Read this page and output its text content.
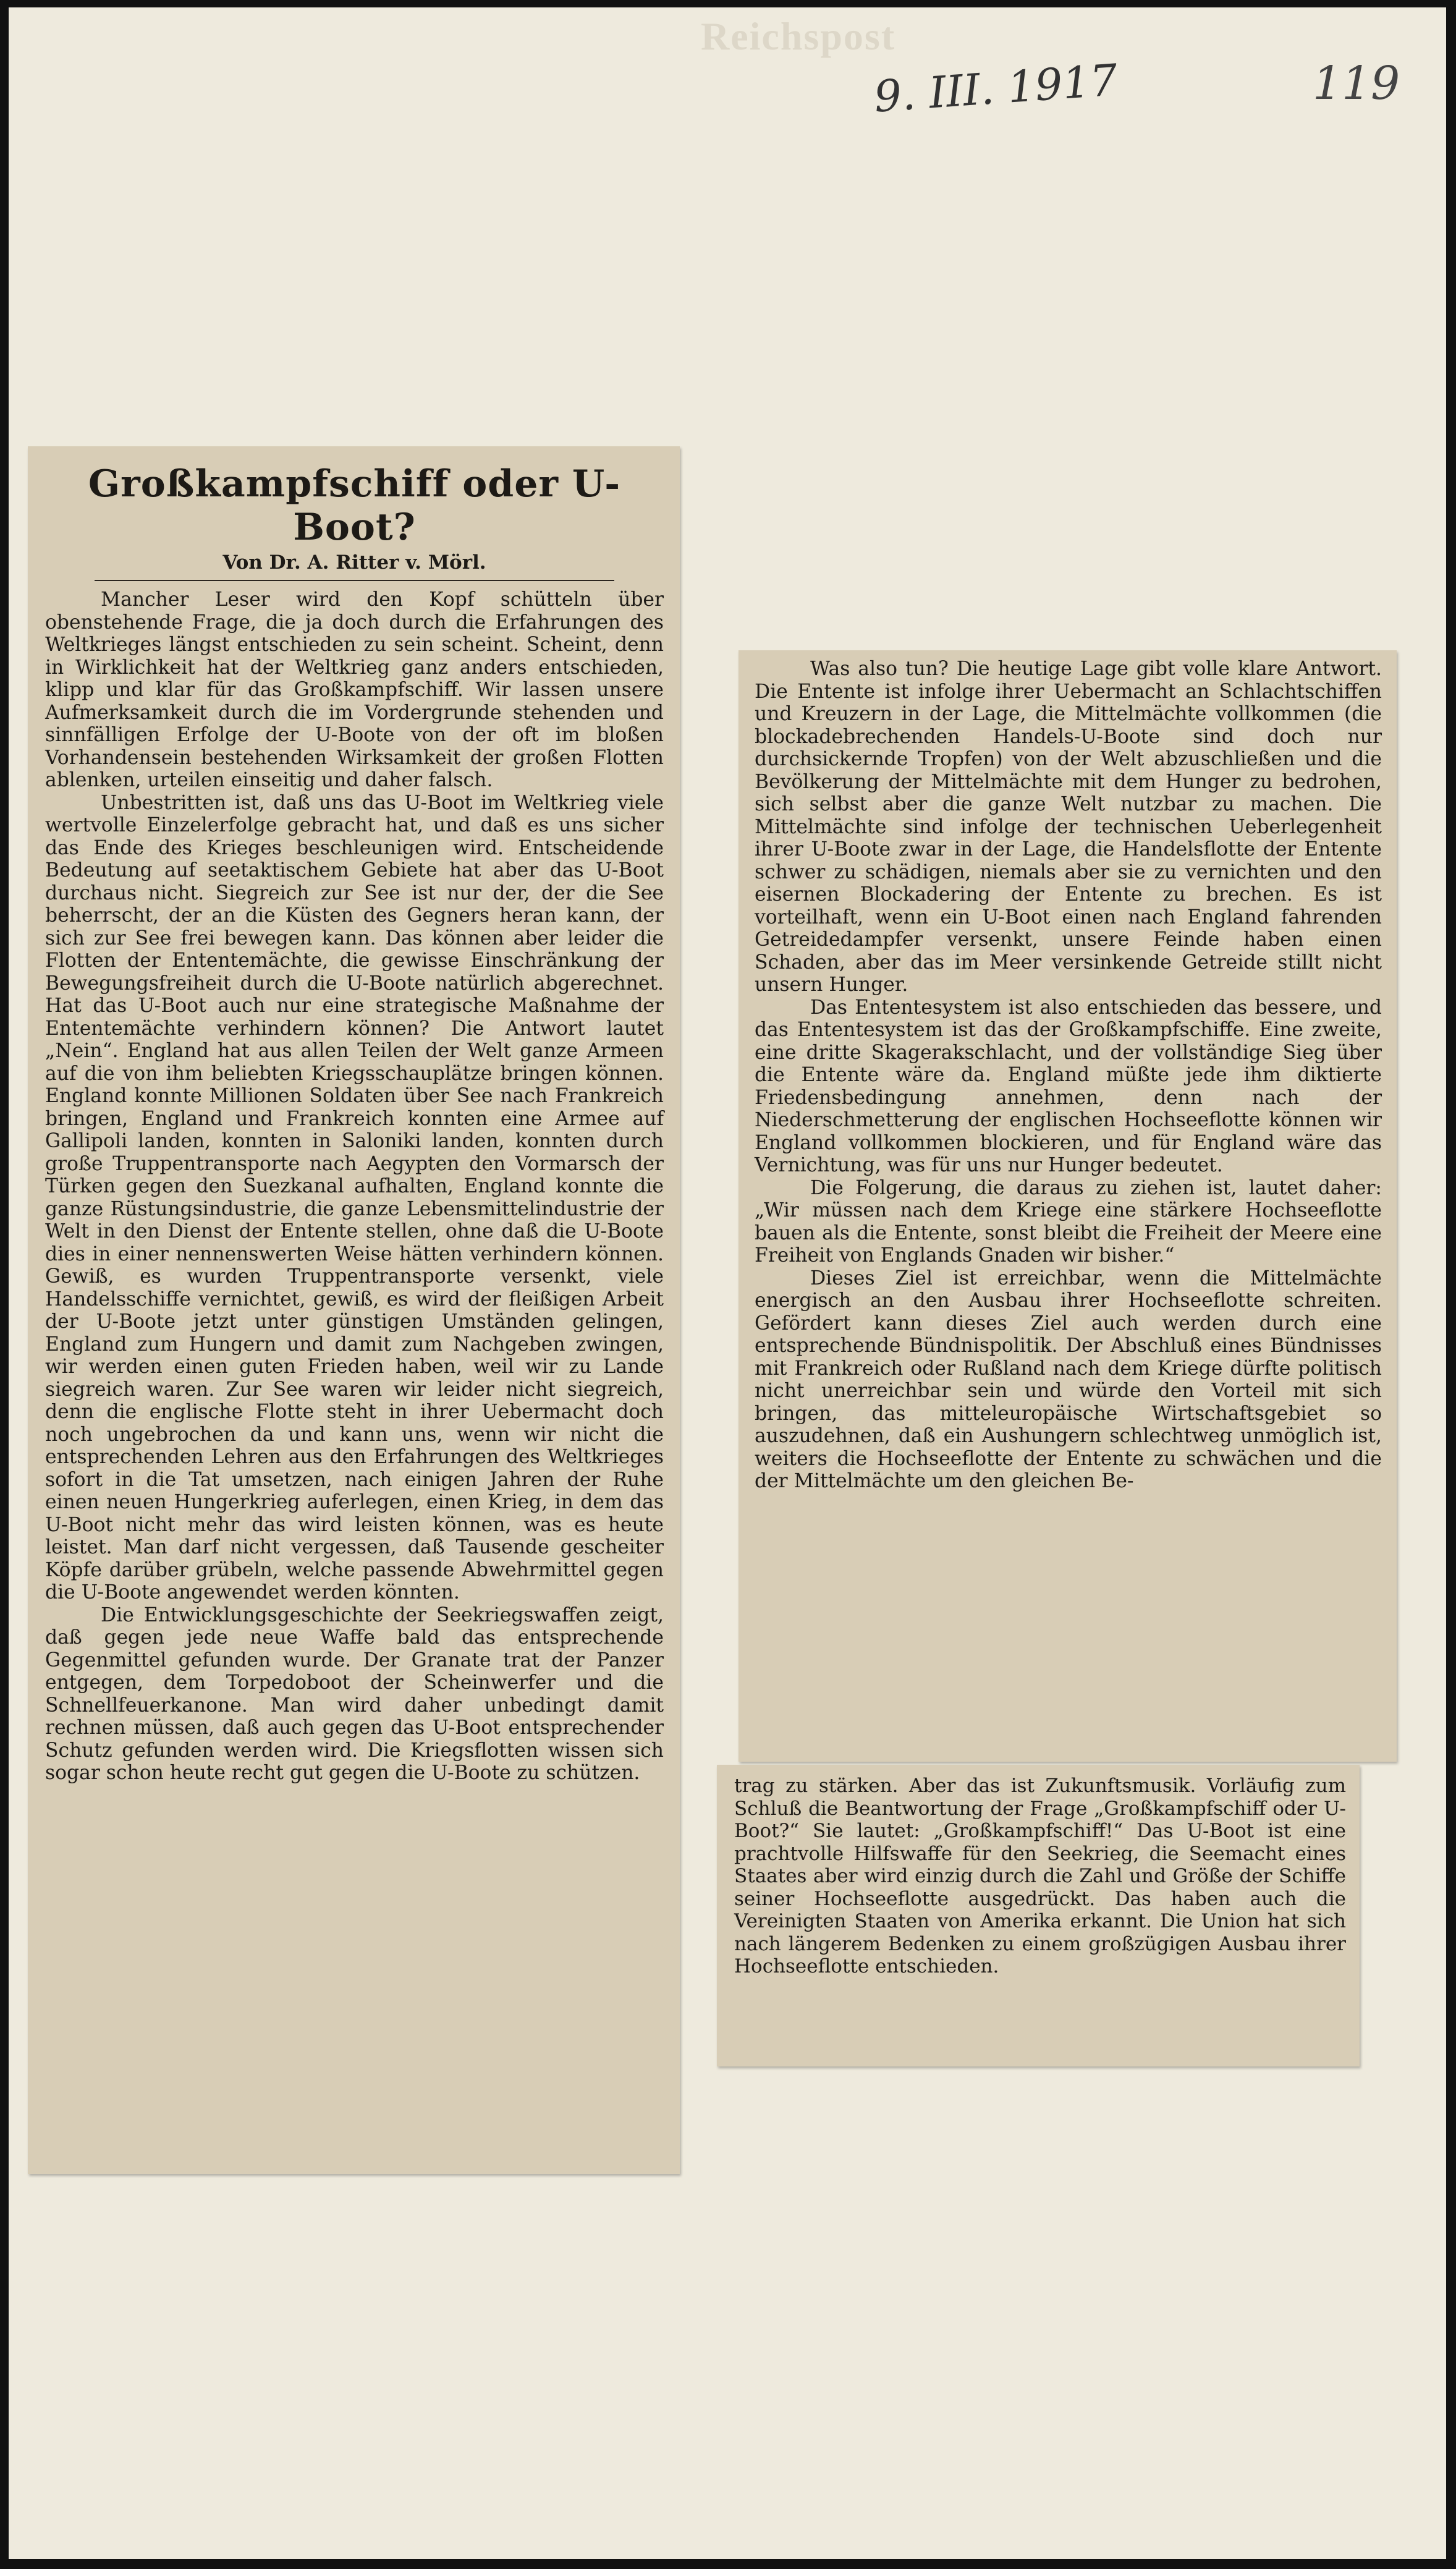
Reichspost
9. III. 1917	119
Großkampfschiff oder U-Boot?
Von Dr. A. Ritter v. Mörl.

Mancher Leser wird den Kopf schütteln über obenstehende Frage, die ja doch durch die Erfahrungen des Weltkrieges längst entschieden zu sein scheint. Scheint, denn in Wirklichkeit hat der Weltkrieg ganz anders entschieden, klipp und klar für das Großkampfschiff. Wir lassen unsere Aufmerksamkeit durch die im Vordergrunde stehenden und sinnfälligen Erfolge der U-Boote von der oft im bloßen Vorhandensein bestehenden Wirksamkeit der großen Flotten ablenken, urteilen einseitig und daher falsch.

Unbestritten ist, daß uns das U-Boot im Weltkrieg viele wertvolle Einzelerfolge gebracht hat, und daß es uns sicher das Ende des Krieges beschleunigen wird. Entscheidende Bedeutung auf seetaktischem Gebiete hat aber das U-Boot durchaus nicht. Siegreich zur See ist nur der, der die See beherrscht, der an die Küsten des Gegners heran kann, der sich zur See frei bewegen kann. Das können aber leider die Flotten der Ententemächte, die gewisse Einschränkung der Bewegungsfreiheit durch die U-Boote natürlich abgerechnet. Hat das U-Boot auch nur eine strategische Maßnahme der Ententemächte verhindern können? Die Antwort lautet „Nein“. England hat aus allen Teilen der Welt ganze Armeen auf die von ihm beliebten Kriegsschauplätze bringen können. England konnte Millionen Soldaten über See nach Frankreich bringen, England und Frankreich konnten eine Armee auf Gallipoli landen, konnten in Saloniki landen, konnten durch große Truppentransporte nach Aegypten den Vormarsch der Türken gegen den Suezkanal aufhalten, England konnte die ganze Rüstungsindustrie, die ganze Lebensmittelindustrie der Welt in den Dienst der Entente stellen, ohne daß die U-Boote dies in einer nennenswerten Weise hätten verhindern können. Gewiß, es wurden Truppentransporte versenkt, viele Handelsschiffe vernichtet, gewiß, es wird der fleißigen Arbeit der U-Boote jetzt unter günstigen Umständen gelingen, England zum Hungern und damit zum Nachgeben zwingen, wir werden einen guten Frieden haben, weil wir zu Lande siegreich waren. Zur See waren wir leider nicht siegreich, denn die englische Flotte steht in ihrer Uebermacht doch noch ungebrochen da und kann uns, wenn wir nicht die entsprechenden Lehren aus den Erfahrungen des Weltkrieges sofort in die Tat umsetzen, nach einigen Jahren der Ruhe einen neuen Hungerkrieg auferlegen, einen Krieg, in dem das U-Boot nicht mehr das wird leisten können, was es heute leistet. Man darf nicht vergessen, daß Tausende gescheiter Köpfe darüber grübeln, welche passende Abwehrmittel gegen die U-Boote angewendet werden könnten.

Die Entwicklungsgeschichte der Seekriegswaffen zeigt, daß gegen jede neue Waffe bald das entsprechende Gegenmittel gefunden wurde. Der Granate trat der Panzer entgegen, dem Torpedoboot der Scheinwerfer und die Schnellfeuerkanone. Man wird daher unbedingt damit rechnen müssen, daß auch gegen das U-Boot entsprechender Schutz gefunden werden wird. Die Kriegsflotten wissen sich sogar schon heute recht gut gegen die U-Boote zu schützen.

Was also tun? Die heutige Lage gibt volle klare Antwort. Die Entente ist infolge ihrer Uebermacht an Schlachtschiffen und Kreuzern in der Lage, die Mittelmächte vollkommen (die blockadebrechenden Handels-U-Boote sind doch nur durchsickernde Tropfen) von der Welt abzuschließen und die Bevölkerung der Mittelmächte mit dem Hunger zu bedrohen, sich selbst aber die ganze Welt nutzbar zu machen. Die Mittelmächte sind infolge der technischen Ueberlegenheit ihrer U-Boote zwar in der Lage, die Handelsflotte der Entente schwer zu schädigen, niemals aber sie zu vernichten und den eisernen Blockadering der Entente zu brechen. Es ist vorteilhaft, wenn ein U-Boot einen nach England fahrenden Getreidedampfer versenkt, unsere Feinde haben einen Schaden, aber das im Meer versinkende Getreide stillt nicht unsern Hunger.

Das Ententesystem ist also entschieden das bessere, und das Ententesystem ist das der Großkampfschiffe. Eine zweite, eine dritte Skagerakschlacht, und der vollständige Sieg über die Entente wäre da. England müßte jede ihm diktierte Friedensbedingung annehmen, denn nach der Niederschmetterung der englischen Hochseeflotte können wir England vollkommen blockieren, und für England wäre das Vernichtung, was für uns nur Hunger bedeutet.

Die Folgerung, die daraus zu ziehen ist, lautet daher: „Wir müssen nach dem Kriege eine stärkere Hochseeflotte bauen als die Entente, sonst bleibt die Freiheit der Meere eine Freiheit von Englands Gnaden wir bisher.“

Dieses Ziel ist erreichbar, wenn die Mittelmächte energisch an den Ausbau ihrer Hochseeflotte schreiten. Gefördert kann dieses Ziel auch werden durch eine entsprechende Bündnispolitik. Der Abschluß eines Bündnisses mit Frankreich oder Rußland nach dem Kriege dürfte politisch nicht unerreichbar sein und würde den Vorteil mit sich bringen, das mitteleuropäische Wirtschaftsgebiet so auszudehnen, daß ein Aushungern schlechtweg unmöglich ist, weiters die Hochseeflotte der Entente zu schwächen und die der Mittelmächte um den gleichen Be-

trag zu stärken. Aber das ist Zukunftsmusik. Vorläufig zum Schluß die Beantwortung der Frage „Großkampfschiff oder U-Boot?“ Sie lautet: „Großkampfschiff!“ Das U-Boot ist eine prachtvolle Hilfswaffe für den Seekrieg, die Seemacht eines Staates aber wird einzig durch die Zahl und Größe der Schiffe seiner Hochseeflotte ausgedrückt. Das haben auch die Vereinigten Staaten von Amerika erkannt. Die Union hat sich nach längerem Bedenken zu einem großzügigen Ausbau ihrer Hochseeflotte entschieden.
